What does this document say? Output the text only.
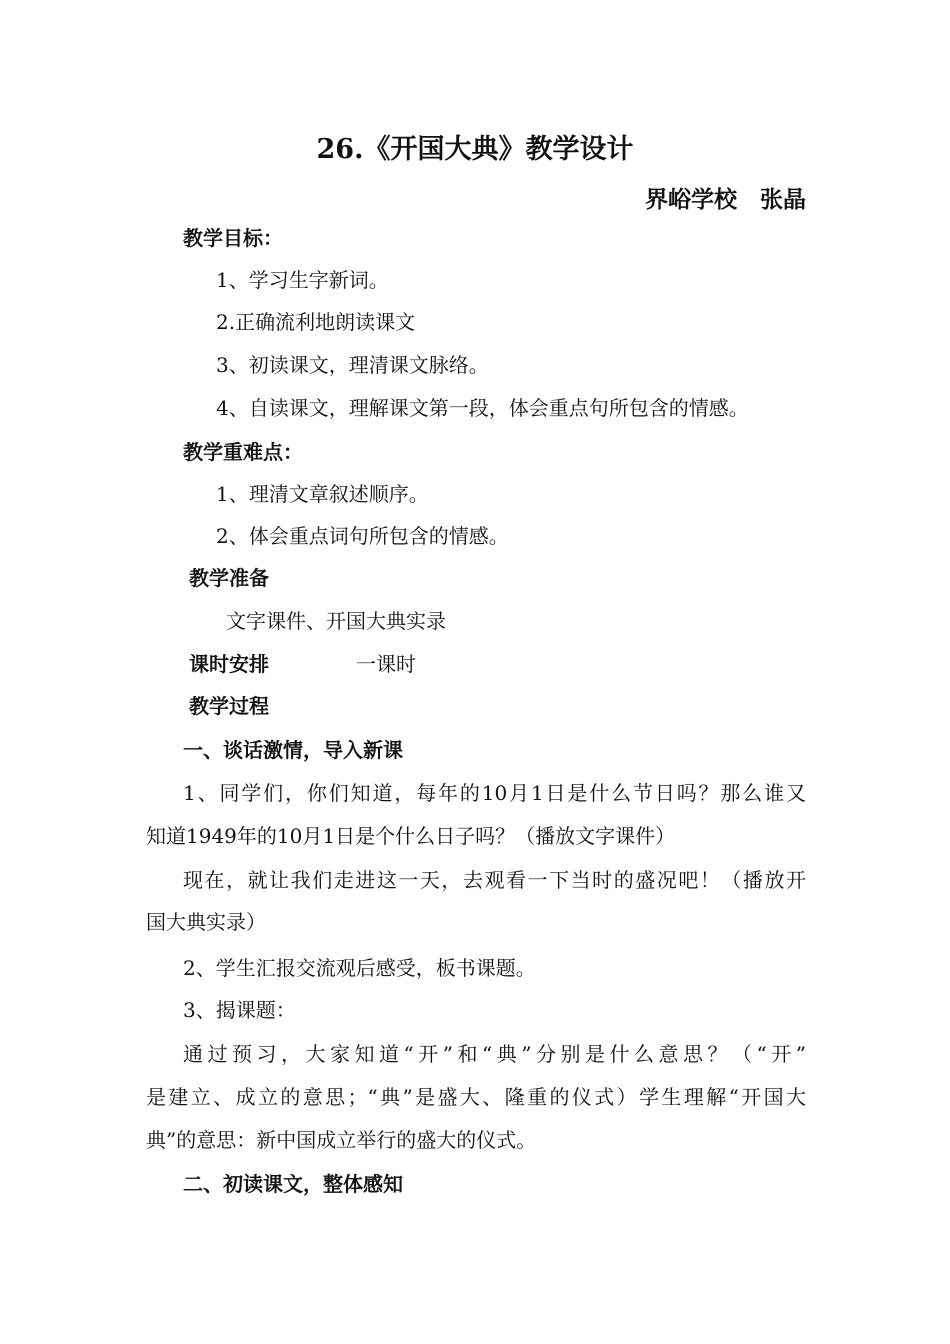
26.《开国大典》教学设计
界峪学校　张晶
教学目标：
1、学习生字新词。
2.正确流利地朗读课文
3、初读课文，理清课文脉络。
4、自读课文，理解课文第一段，体会重点句所包含的情感。
教学重难点：
1、理清文章叙述顺序。
2、体会重点词句所包含的情感。
教学准备
文字课件、开国大典实录
课时安排	一课时
教学过程
一、谈话激情，导入新课
1、同学们，你们知道，每年的10月1日是什么节日吗？那么谁又
知道1949年的10月1日是个什么日子吗？（播放文字课件）
现在，就让我们走进这一天，去观看一下当时的盛况吧！（播放开
国大典实录）
2、学生汇报交流观后感受，板书课题。
3、揭课题：
通过预习，大家知道“开”和“典”分别是什么意思？（“开”
是建立、成立的意思；“典”是盛大、隆重的仪式）学生理解“开国大
典”的意思：新中国成立举行的盛大的仪式。
二、初读课文，整体感知
